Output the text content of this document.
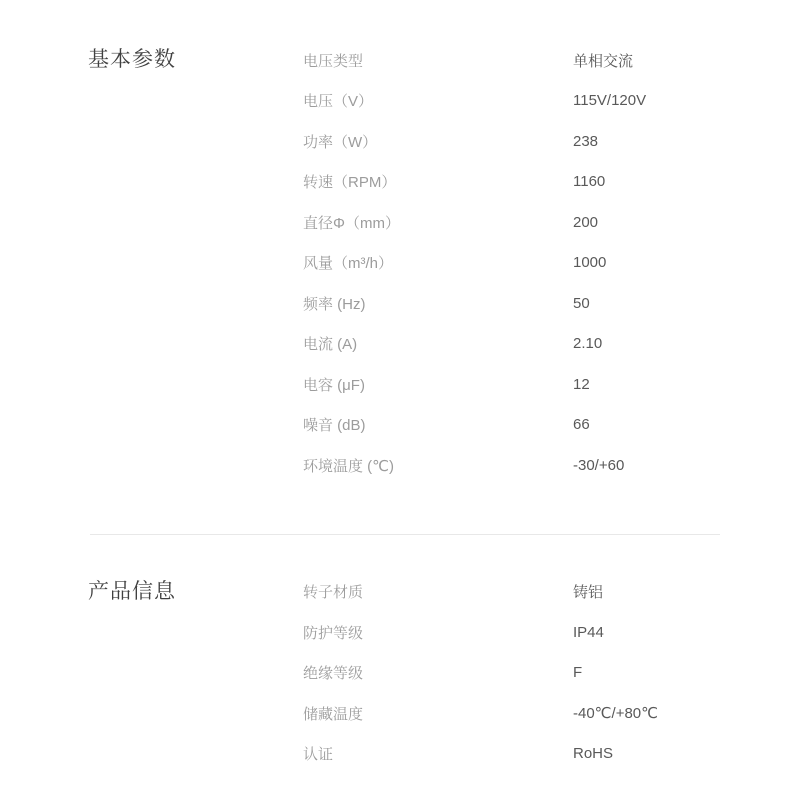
基本参数	电压类型	单相交流
电压（V）	115V/120V
功率（W）	238
转速（RPM）	1160
直径Φ（mm）	200
风量（m³/h）	1000
频率 (Hz)	50
电流 (A)	2.10
电容 (μF)	12
噪音 (dB)	66
环境温度 (℃)	-30/+60
产品信息	转子材质	铸铝
防护等级	IP44
绝缘等级	F
储藏温度	-40℃/+80℃
认证	RoHS
